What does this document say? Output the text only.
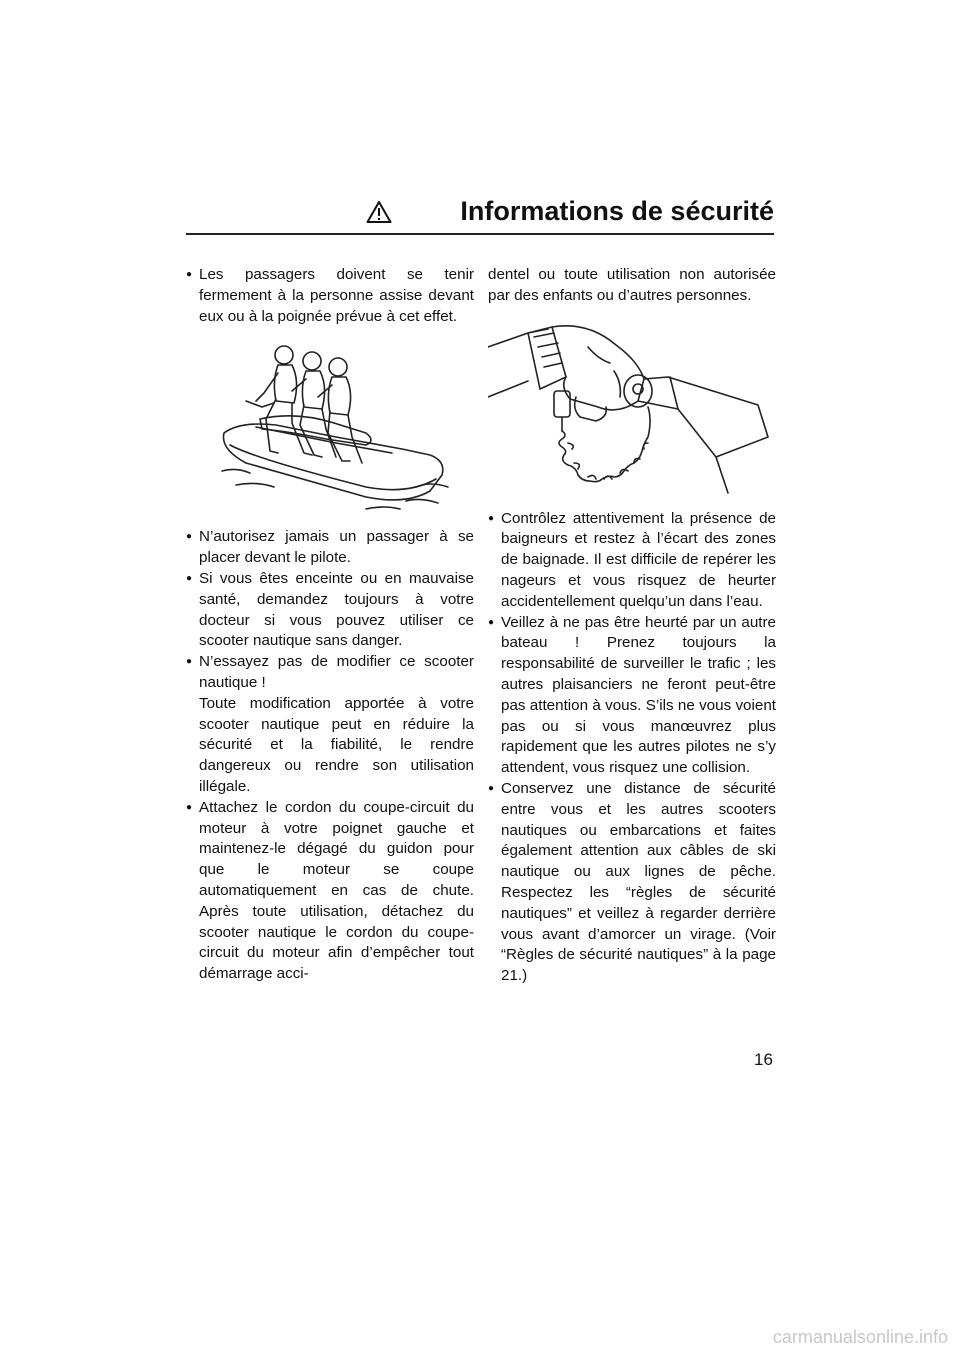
Informations de sécurité
● Les passagers doivent se tenir fermement à la personne assise devant eux ou à la poignée prévue à cet effet.
● N’autorisez jamais un passager à se placer devant le pilote.
● Si vous êtes enceinte ou en mauvaise santé, demandez toujours à votre docteur si vous pouvez utiliser ce scooter nautique sans danger.
● N’essayez pas de modifier ce scooter nautique !
Toute modification apportée à votre scooter nautique peut en réduire la sécurité et la fiabilité, le rendre dangereux ou rendre son utilisation illégale.
● Attachez le cordon du coupe-circuit du moteur à votre poignet gauche et maintenez-le dégagé du guidon pour que le moteur se coupe automatiquement en cas de chute. Après toute utilisation, détachez du scooter nautique le cordon du coupe-circuit du moteur afin d’empêcher tout démarrage acci-
dentel ou toute utilisation non autorisée par des enfants ou d’autres personnes.
● Contrôlez attentivement la présence de baigneurs et restez à l’écart des zones de baignade. Il est difficile de repérer les nageurs et vous risquez de heurter accidentellement quelqu’un dans l’eau.
● Veillez à ne pas être heurté par un autre bateau ! Prenez toujours la responsabilité de surveiller le trafic ; les autres plaisanciers ne feront peut-être pas attention à vous. S’ils ne vous voient pas ou si vous manœuvrez plus rapidement que les autres pilotes ne s’y attendent, vous risquez une collision.
● Conservez une distance de sécurité entre vous et les autres scooters nautiques ou embarcations et faites également attention aux câbles de ski nautique ou aux lignes de pêche. Respectez les “règles de sécurité nautiques” et veillez à regarder derrière vous avant d’amorcer un virage. (Voir “Règles de sécurité nautiques” à la page 21.)
16
carmanualsonline.info
